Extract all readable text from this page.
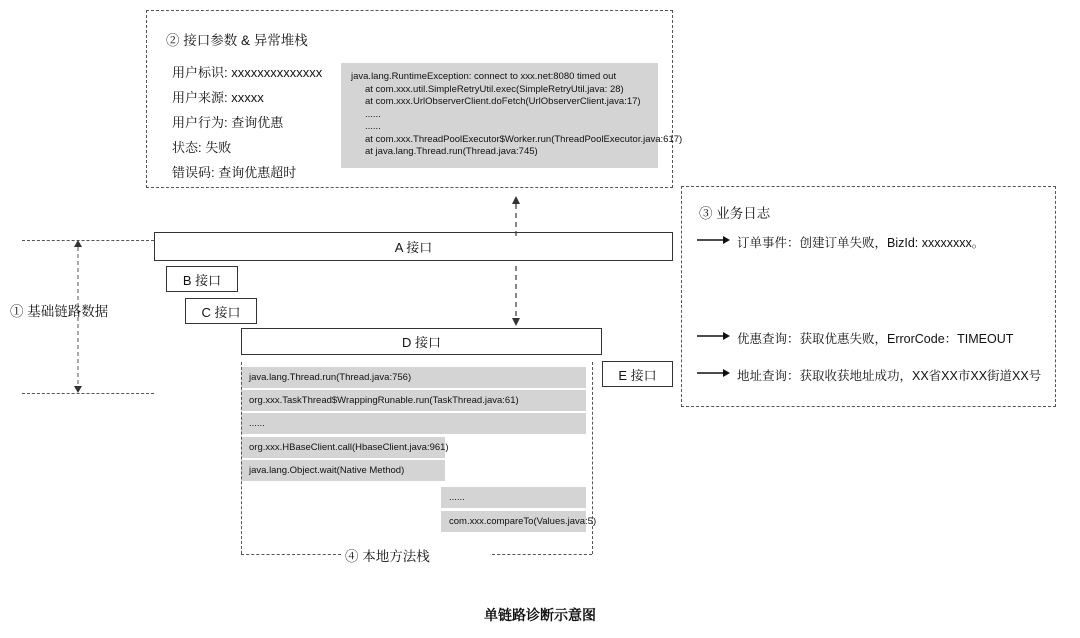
② 接口参数 & 异常堆栈
用户标识: xxxxxxxxxxxxxx
用户来源: xxxxx
用户行为: 查询优惠
状态: 失败
错误码: 查询优惠超时
java.lang.RuntimeException: connect to xxx.net:8080 timed out
at com.xxx.util.SimpleRetryUtil.exec(SimpleRetryUtil.java: 28)
at com.xxx.UrlObserverClient.doFetch(UrlObserverClient.java:17)
......
......
at com.xxx.ThreadPoolExecutor$Worker.run(ThreadPoolExecutor.java:617)
at java.lang.Thread.run(Thread.java:745)
③ 业务日志
订单事件：创建订单失败，BizId: xxxxxxxx。
优惠查询：获取优惠失败，ErrorCode：TIMEOUT
地址查询：获取收获地址成功，XX省XX市XX街道XX号
① 基础链路数据
A 接口
B 接口
C 接口
D 接口
E 接口
java.lang.Thread.run(Thread.java:756)
org.xxx.TaskThread$WrappingRunable.run(TaskThread.java:61)
......
org.xxx.HBaseClient.call(HbaseClient.java:961)
java.lang.Object.wait(Native Method)
......
com.xxx.compareTo(Values.java:5)
④ 本地方法栈
单链路诊断示意图
